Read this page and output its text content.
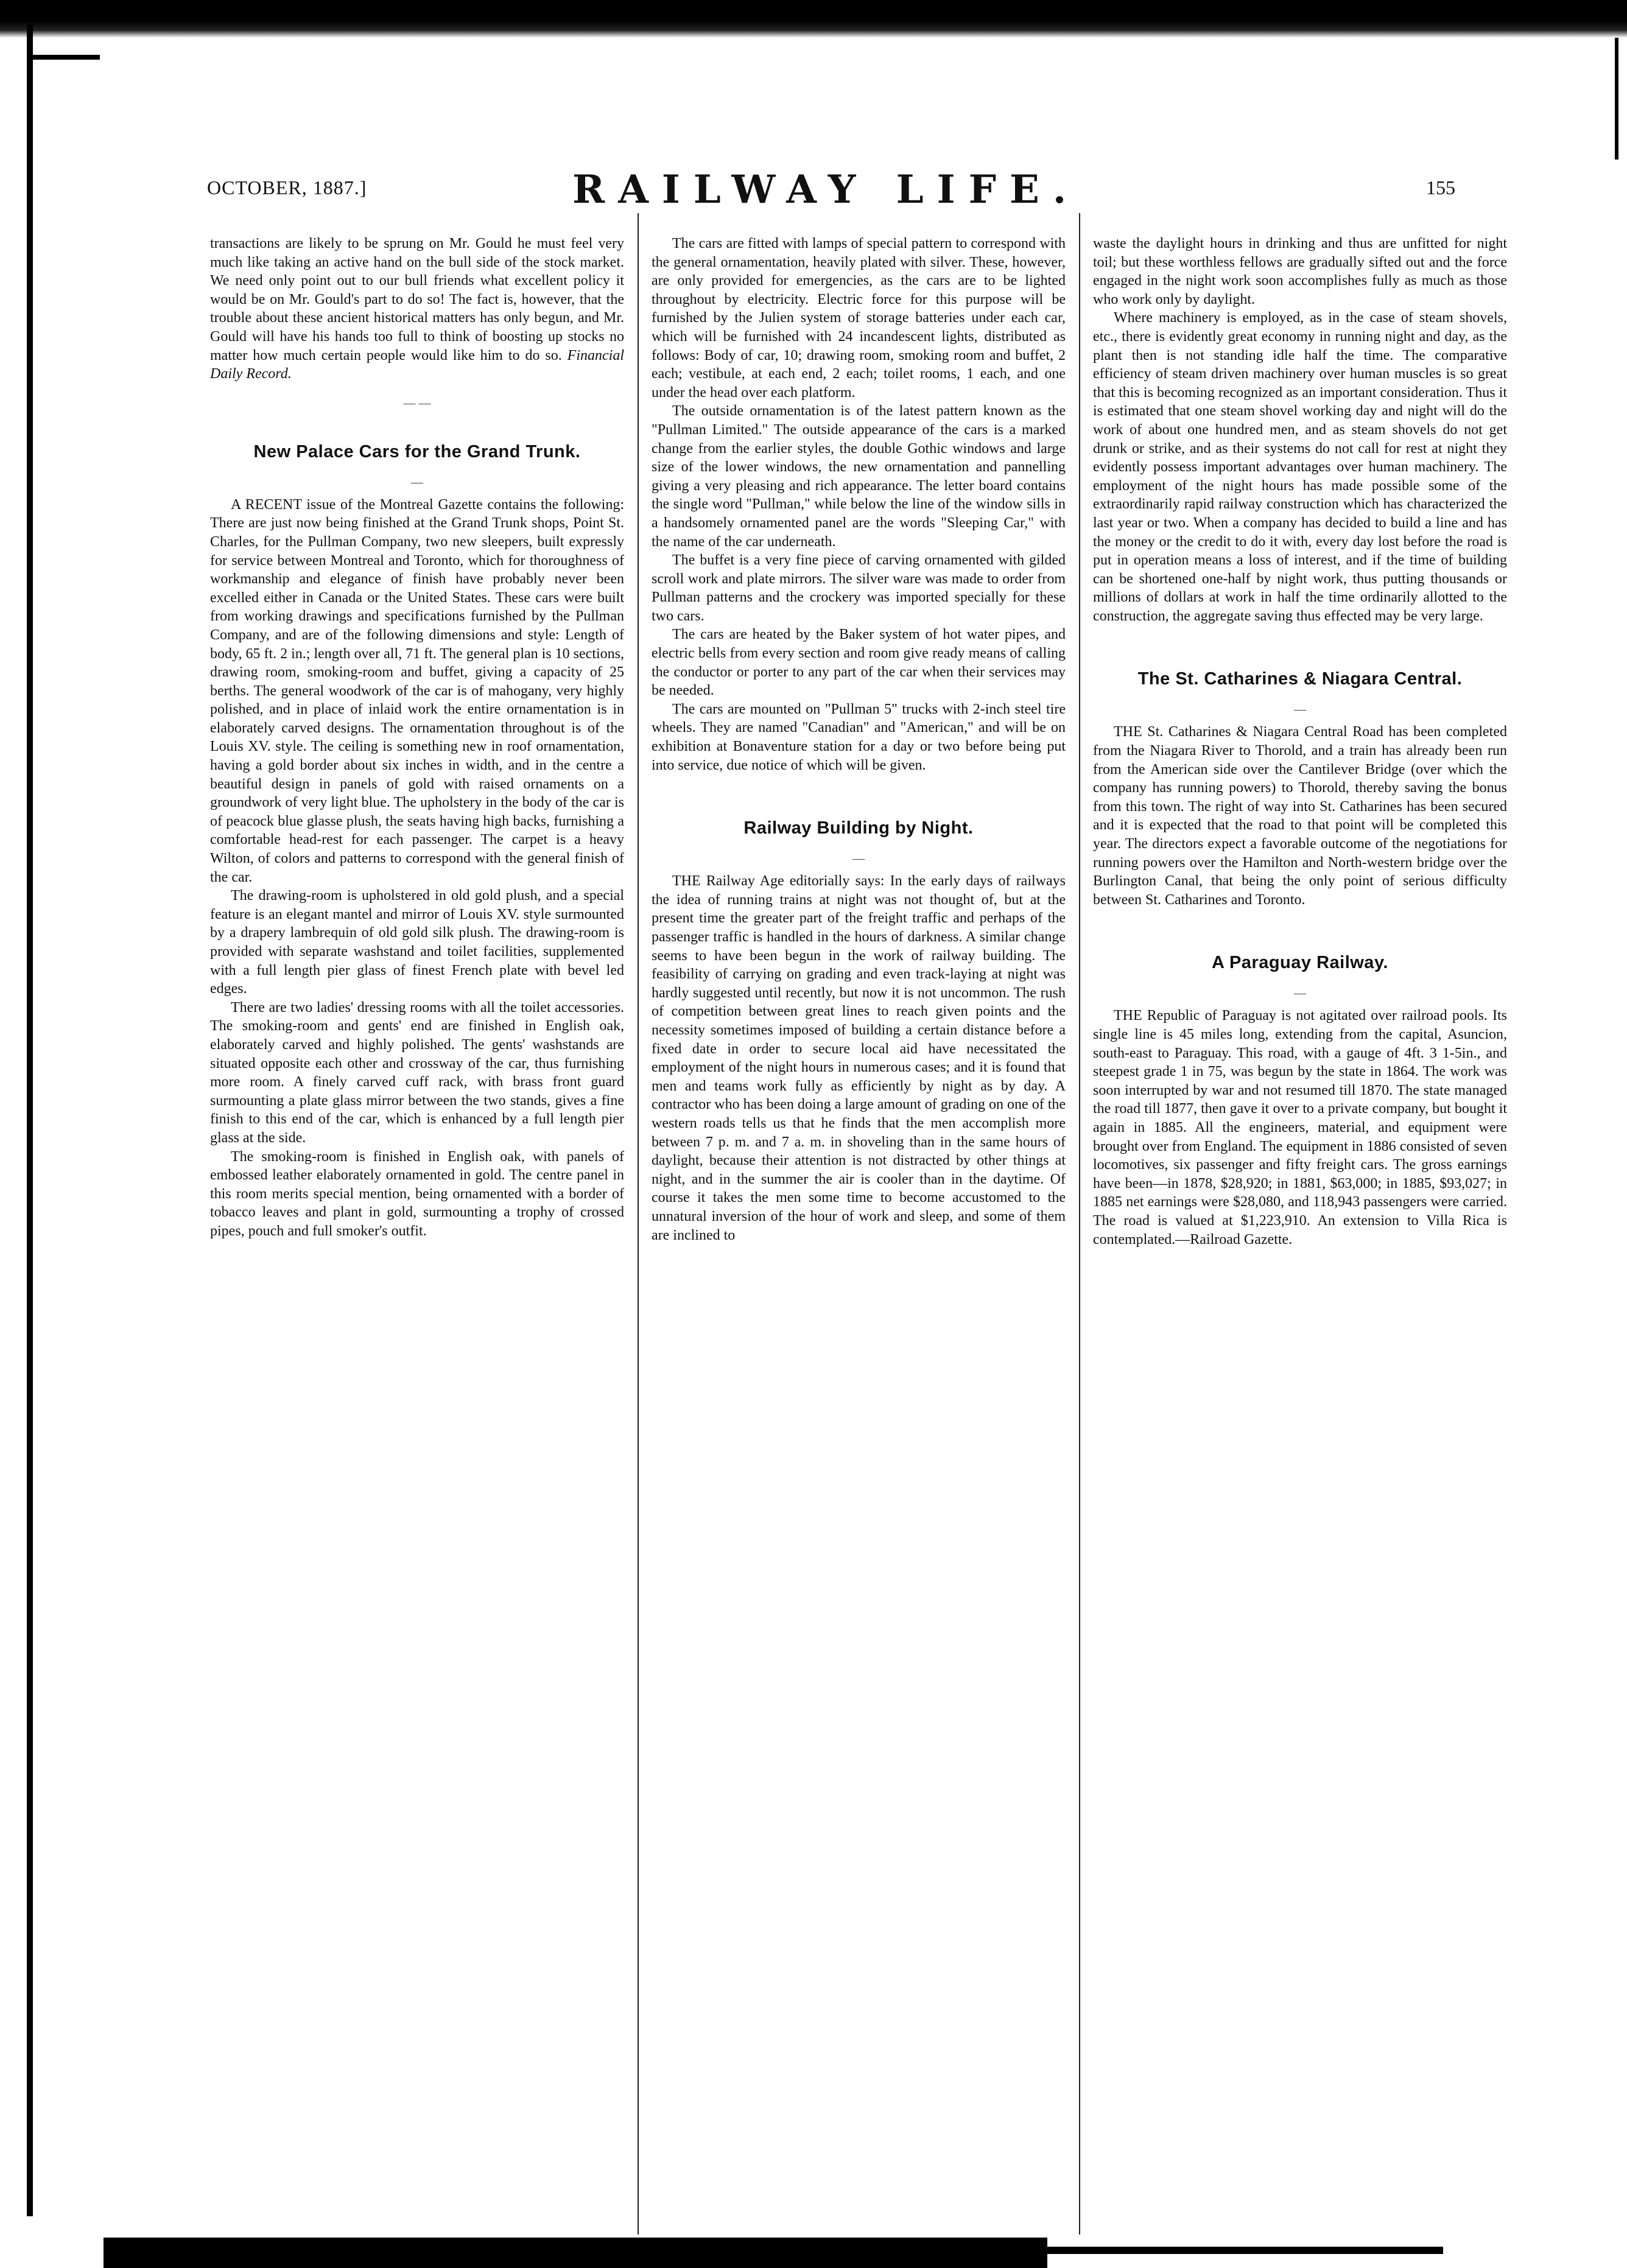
OCTOBER, 1887.]	RAILWAY LIFE.	155

transactions are likely to be sprung on Mr. Gould he must feel very much like taking an active hand on the bull side of the stock market. We need only point out to our bull friends what excellent policy it would be on Mr. Gould's part to do so! The fact is, however, that the trouble about these ancient historical matters has only begun, and Mr. Gould will have his hands too full to think of boosting up stocks no matter how much certain people would like him to do so. Financial Daily Record.

— —
New Palace Cars for the Grand Trunk.
—

A RECENT issue of the Montreal Gazette contains the following: There are just now being finished at the Grand Trunk shops, Point St. Charles, for the Pullman Company, two new sleepers, built expressly for service between Montreal and Toronto, which for thoroughness of workmanship and elegance of finish have probably never been excelled either in Canada or the United States. These cars were built from working drawings and specifications furnished by the Pullman Company, and are of the following dimensions and style: Length of body, 65 ft. 2 in.; length over all, 71 ft. The general plan is 10 sections, drawing room, smoking-room and buffet, giving a capacity of 25 berths. The general woodwork of the car is of mahogany, very highly polished, and in place of inlaid work the entire ornamentation is in elaborately carved designs. The ornamentation throughout is of the Louis XV. style. The ceiling is something new in roof ornamentation, having a gold border about six inches in width, and in the centre a beautiful design in panels of gold with raised ornaments on a groundwork of very light blue. The upholstery in the body of the car is of peacock blue glasse plush, the seats having high backs, furnishing a comfortable head-rest for each passenger. The carpet is a heavy Wilton, of colors and patterns to correspond with the general finish of the car.

The drawing-room is upholstered in old gold plush, and a special feature is an elegant mantel and mirror of Louis XV. style surmounted by a drapery lambrequin of old gold silk plush. The drawing-room is provided with separate washstand and toilet facilities, supplemented with a full length pier glass of finest French plate with bevel led edges.

There are two ladies' dressing rooms with all the toilet accessories. The smoking-room and gents' end are finished in English oak, elaborately carved and highly polished. The gents' washstands are situated opposite each other and crossway of the car, thus furnishing more room. A finely carved cuff rack, with brass front guard surmounting a plate glass mirror between the two stands, gives a fine finish to this end of the car, which is enhanced by a full length pier glass at the side.

The smoking-room is finished in English oak, with panels of embossed leather elaborately ornamented in gold. The centre panel in this room merits special mention, being ornamented with a border of tobacco leaves and plant in gold, surmounting a trophy of crossed pipes, pouch and full smoker's outfit.

The cars are fitted with lamps of special pattern to correspond with the general ornamentation, heavily plated with silver. These, however, are only provided for emergencies, as the cars are to be lighted throughout by electricity. Electric force for this purpose will be furnished by the Julien system of storage batteries under each car, which will be furnished with 24 incandescent lights, distributed as follows: Body of car, 10; drawing room, smoking room and buffet, 2 each; vestibule, at each end, 2 each; toilet rooms, 1 each, and one under the head over each platform.

The outside ornamentation is of the latest pattern known as the "Pullman Limited." The outside appearance of the cars is a marked change from the earlier styles, the double Gothic windows and large size of the lower windows, the new ornamentation and pannelling giving a very pleasing and rich appearance. The letter board contains the single word "Pullman," while below the line of the window sills in a handsomely ornamented panel are the words "Sleeping Car," with the name of the car underneath.

The buffet is a very fine piece of carving ornamented with gilded scroll work and plate mirrors. The silver ware was made to order from Pullman patterns and the crockery was imported specially for these two cars.

The cars are heated by the Baker system of hot water pipes, and electric bells from every section and room give ready means of calling the conductor or porter to any part of the car when their services may be needed.

The cars are mounted on "Pullman 5" trucks with 2-inch steel tire wheels. They are named "Canadian" and "American," and will be on exhibition at Bonaventure station for a day or two before being put into service, due notice of which will be given.

Railway Building by Night.
—

THE Railway Age editorially says: In the early days of railways the idea of running trains at night was not thought of, but at the present time the greater part of the freight traffic and perhaps of the passenger traffic is handled in the hours of darkness. A similar change seems to have been begun in the work of railway building. The feasibility of carrying on grading and even track-laying at night was hardly suggested until recently, but now it is not uncommon. The rush of competition between great lines to reach given points and the necessity sometimes imposed of building a certain distance before a fixed date in order to secure local aid have necessitated the employment of the night hours in numerous cases; and it is found that men and teams work fully as efficiently by night as by day. A contractor who has been doing a large amount of grading on one of the western roads tells us that he finds that the men accomplish more between 7 p. m. and 7 a. m. in shoveling than in the same hours of daylight, because their attention is not distracted by other things at night, and in the summer the air is cooler than in the daytime. Of course it takes the men some time to become accustomed to the unnatural inversion of the hour of work and sleep, and some of them are inclined to

waste the daylight hours in drinking and thus are unfitted for night toil; but these worthless fellows are gradually sifted out and the force engaged in the night work soon accomplishes fully as much as those who work only by daylight.

Where machinery is employed, as in the case of steam shovels, etc., there is evidently great economy in running night and day, as the plant then is not standing idle half the time. The comparative efficiency of steam driven machinery over human muscles is so great that this is becoming recognized as an important consideration. Thus it is estimated that one steam shovel working day and night will do the work of about one hundred men, and as steam shovels do not get drunk or strike, and as their systems do not call for rest at night they evidently possess important advantages over human machinery. The employment of the night hours has made possible some of the extraordinarily rapid railway construction which has characterized the last year or two. When a company has decided to build a line and has the money or the credit to do it with, every day lost before the road is put in operation means a loss of interest, and if the time of building can be shortened one-half by night work, thus putting thousands or millions of dollars at work in half the time ordinarily allotted to the construction, the aggregate saving thus effected may be very large.

The St. Catharines & Niagara Central.
—

THE St. Catharines & Niagara Central Road has been completed from the Niagara River to Thorold, and a train has already been run from the American side over the Cantilever Bridge (over which the company has running powers) to Thorold, thereby saving the bonus from this town. The right of way into St. Catharines has been secured and it is expected that the road to that point will be completed this year. The directors expect a favorable outcome of the negotiations for running powers over the Hamilton and North-western bridge over the Burlington Canal, that being the only point of serious difficulty between St. Catharines and Toronto.

A Paraguay Railway.
—

THE Republic of Paraguay is not agitated over railroad pools. Its single line is 45 miles long, extending from the capital, Asuncion, south-east to Paraguay. This road, with a gauge of 4ft. 3 1-5in., and steepest grade 1 in 75, was begun by the state in 1864. The work was soon interrupted by war and not resumed till 1870. The state managed the road till 1877, then gave it over to a private company, but bought it again in 1885. All the engineers, material, and equipment were brought over from England. The equipment in 1886 consisted of seven locomotives, six passenger and fifty freight cars. The gross earnings have been—in 1878, $28,920; in 1881, $63,000; in 1885, $93,027; in 1885 net earnings were $28,080, and 118,943 passengers were carried. The road is valued at $1,223,910. An extension to Villa Rica is contemplated.—Railroad Gazette.
